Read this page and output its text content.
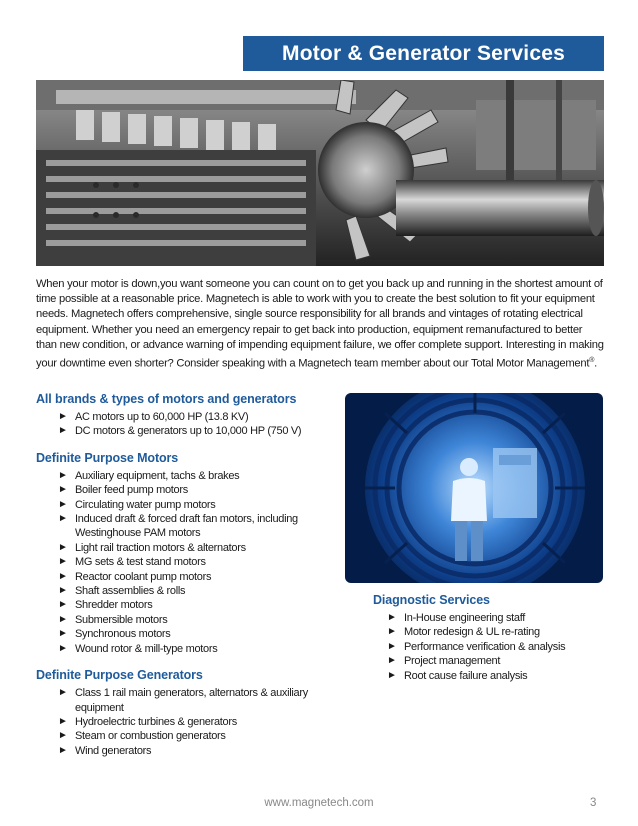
Motor & Generator Services

When your motor is down,you want someone you can count on to get you back up and running in the shortest amount of time possible at a reasonable price. Magnetech is able to work with you to create the best solution to fit your equipment needs. Magnetech offers comprehensive, single source responsibility for all brands and vintages of rotating electrical equipment. Whether you need an emergency repair to get back into production, equipment remanufactured to better than new condition, or advance warning of impending equipment failure, we offer complete support. Interesting in making your downtime even shorter? Consider speaking with a Magnetech team member about our Total Motor Management®.

All brands & types of motors and generators
► AC motors up to 60,000 HP (13.8 KV)
► DC motors & generators up to 10,000 HP (750 V)
Definite Purpose Motors
► Auxiliary equipment, tachs & brakes
► Boiler feed pump motors
► Circulating water pump motors
► Induced draft & forced draft fan motors, including Westinghouse PAM motors
► Light rail traction motors & alternators
► MG sets & test stand motors
► Reactor coolant pump motors
► Shaft assemblies & rolls
► Shredder motors
► Submersible motors
► Synchronous motors
► Wound rotor & mill-type motors
Definite Purpose Generators
► Class 1 rail main generators, alternators & auxiliary equipment
► Hydroelectric turbines & generators
► Steam or combustion generators
► Wind generators
Diagnostic Services
► In-House engineering staff
► Motor redesign & UL re-rating
► Performance verification & analysis
► Project management
► Root cause failure analysis
www.magnetech.com	3
